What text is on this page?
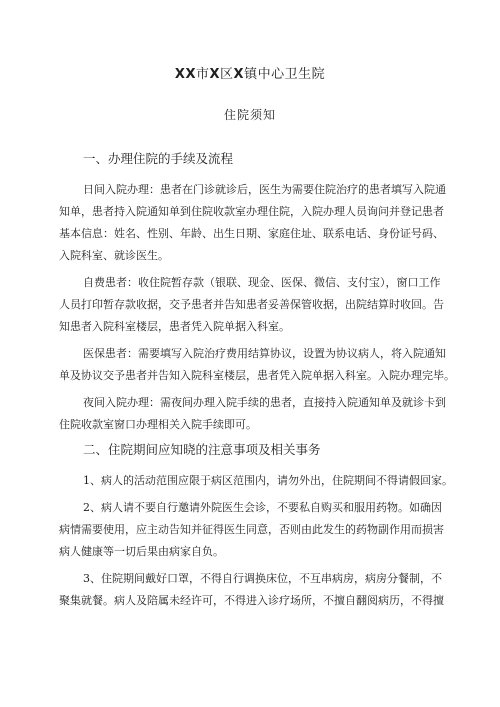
XX市X区X镇中心卫生院
住院须知
一、办理住院的手续及流程
日间入院办理：患者在门诊就诊后，医生为需要住院治疗的患者填写入院通
知单，患者持入院通知单到住院收款室办理住院，入院办理人员询问并登记患者
基本信息：姓名、性别、年龄、出生日期、家庭住址、联系电话、身份证号码、
入院科室、就诊医生。
自费患者：收住院暂存款（银联、现金、医保、微信、支付宝），窗口工作
人员打印暂存款收据，交予患者并告知患者妥善保管收据，出院结算时收回。告
知患者入院科室楼层，患者凭入院单据入科室。
医保患者：需要填写入院治疗费用结算协议，设置为协议病人，将入院通知
单及协议交予患者并告知入院科室楼层，患者凭入院单据入科室。入院办理完毕。
夜间入院办理：需夜间办理入院手续的患者，直接持入院通知单及就诊卡到
住院收款室窗口办理相关入院手续即可。
二、住院期间应知晓的注意事项及相关事务
1、病人的活动范围应限于病区范围内，请勿外出，住院期间不得请假回家。
2、病人请不要自行邀请外院医生会诊，不要私自购买和服用药物。如确因
病情需要使用，应主动告知并征得医生同意，否则由此发生的药物副作用而损害
病人健康等一切后果由病家自负。
3、住院期间戴好口罩，不得自行调换床位，不互串病房，病房分餐制，不
聚集就餐。病人及陪属未经许可，不得进入诊疗场所，不擅自翻阅病历，不得擅
